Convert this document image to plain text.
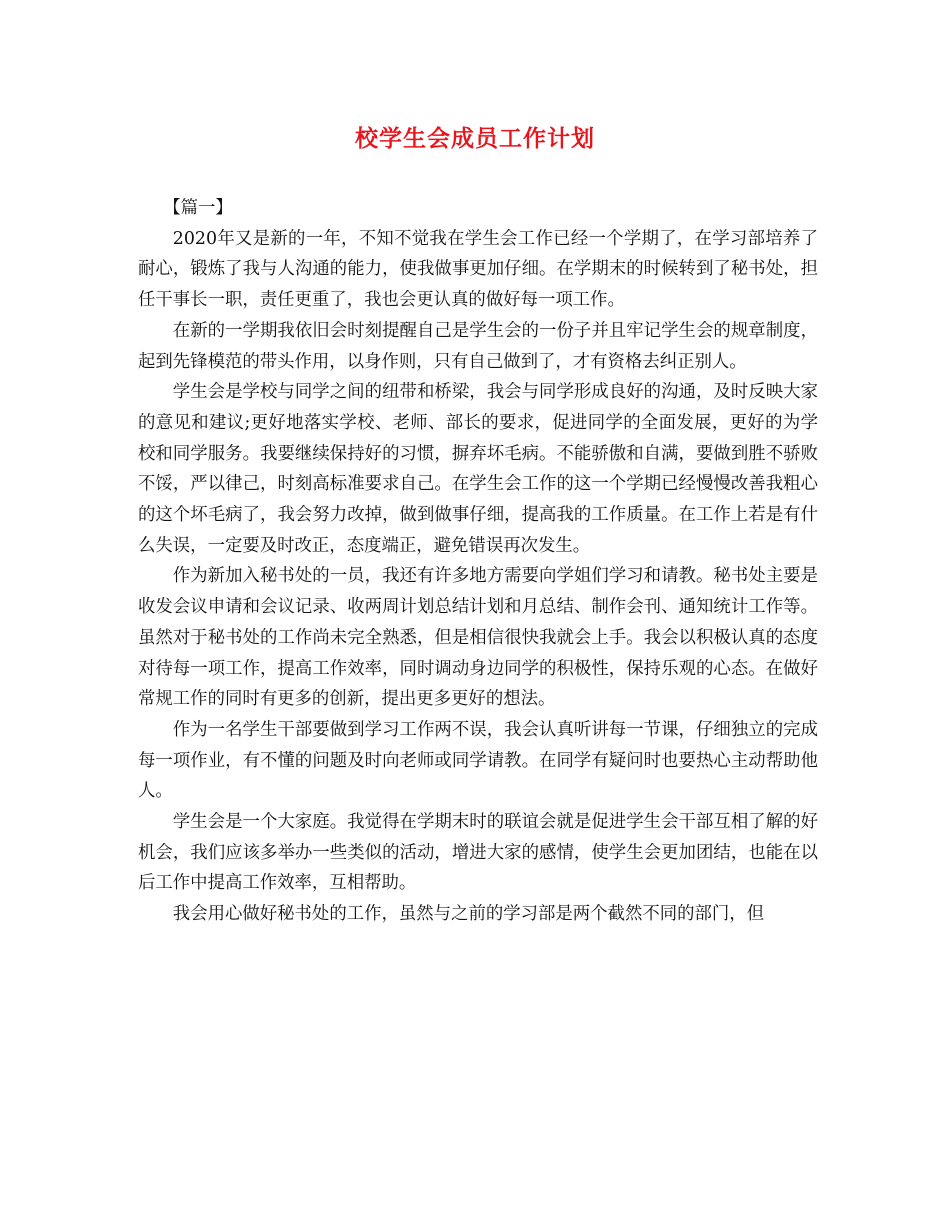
校学生会成员工作计划

【篇一】

2020年又是新的一年，不知不觉我在学生会工作已经一个学期了，在学习部培养了耐心，锻炼了我与人沟通的能力，使我做事更加仔细。在学期末的时候转到了秘书处，担任干事长一职，责任更重了，我也会更认真的做好每一项工作。

在新的一学期我依旧会时刻提醒自己是学生会的一份子并且牢记学生会的规章制度，起到先锋模范的带头作用，以身作则，只有自己做到了，才有资格去纠正别人。

学生会是学校与同学之间的纽带和桥梁，我会与同学形成良好的沟通，及时反映大家的意见和建议;更好地落实学校、老师、部长的要求，促进同学的全面发展，更好的为学校和同学服务。我要继续保持好的习惯，摒弃坏毛病。不能骄傲和自满，要做到胜不骄败不馁，严以律己，时刻高标准要求自己。在学生会工作的这一个学期已经慢慢改善我粗心的这个坏毛病了，我会努力改掉，做到做事仔细，提高我的工作质量。在工作上若是有什么失误，一定要及时改正，态度端正，避免错误再次发生。

作为新加入秘书处的一员，我还有许多地方需要向学姐们学习和请教。秘书处主要是收发会议申请和会议记录、收两周计划总结计划和月总结、制作会刊、通知统计工作等。虽然对于秘书处的工作尚未完全熟悉，但是相信很快我就会上手。我会以积极认真的态度对待每一项工作，提高工作效率，同时调动身边同学的积极性，保持乐观的心态。在做好常规工作的同时有更多的创新，提出更多更好的想法。

作为一名学生干部要做到学习工作两不误，我会认真听讲每一节课，仔细独立的完成每一项作业，有不懂的问题及时向老师或同学请教。在同学有疑问时也要热心主动帮助他人。

学生会是一个大家庭。我觉得在学期末时的联谊会就是促进学生会干部互相了解的好机会，我们应该多举办一些类似的活动，增进大家的感情，使学生会更加团结，也能在以后工作中提高工作效率，互相帮助。

我会用心做好秘书处的工作，虽然与之前的学习部是两个截然不同的部门，但
